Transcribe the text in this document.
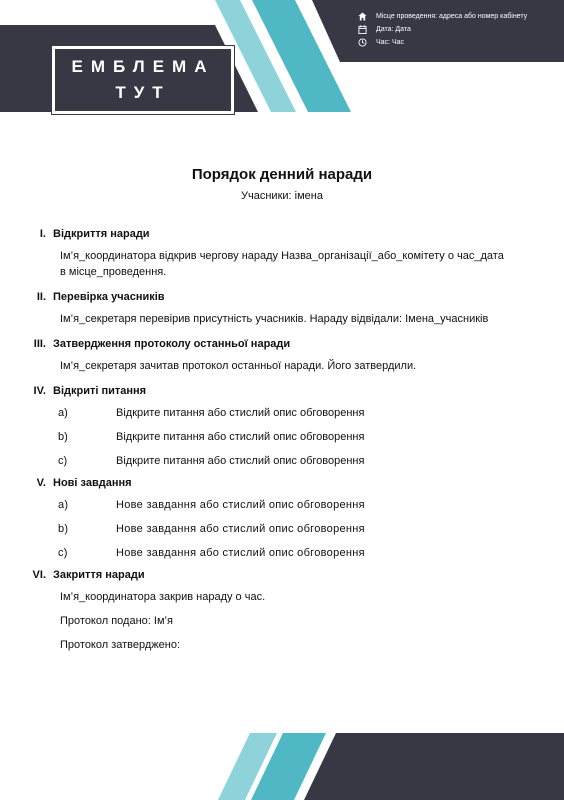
ЕМБЛЕМА
ТУТ
Місце проведення: адреса або номер кабінету
Дата: Дата
Час: Час
Порядок денний наради
Учасники: імена
I. Відкриття наради
Ім’я_координатора відкрив чергову нараду Назва_організації_або_комітету о час_дата в місце_проведення.
II. Перевірка учасників
Ім’я_секретаря перевірив присутність учасників. Нараду відвідали: Імена_учасників
III. Затвердження протоколу останньої наради
Ім’я_секретаря зачитав протокол останньої наради. Його затвердили.
IV. Відкриті питання
a)	Відкрите питання або стислий опис обговорення
b)	Відкрите питання або стислий опис обговорення
c)	Відкрите питання або стислий опис обговорення
V. Нові завдання
a)	Нове завдання або стислий опис обговорення
b)	Нове завдання або стислий опис обговорення
c)	Нове завдання або стислий опис обговорення
VI. Закриття наради
Ім’я_координатора закрив нараду о час.
Протокол подано: Ім’я
Протокол затверджено:
